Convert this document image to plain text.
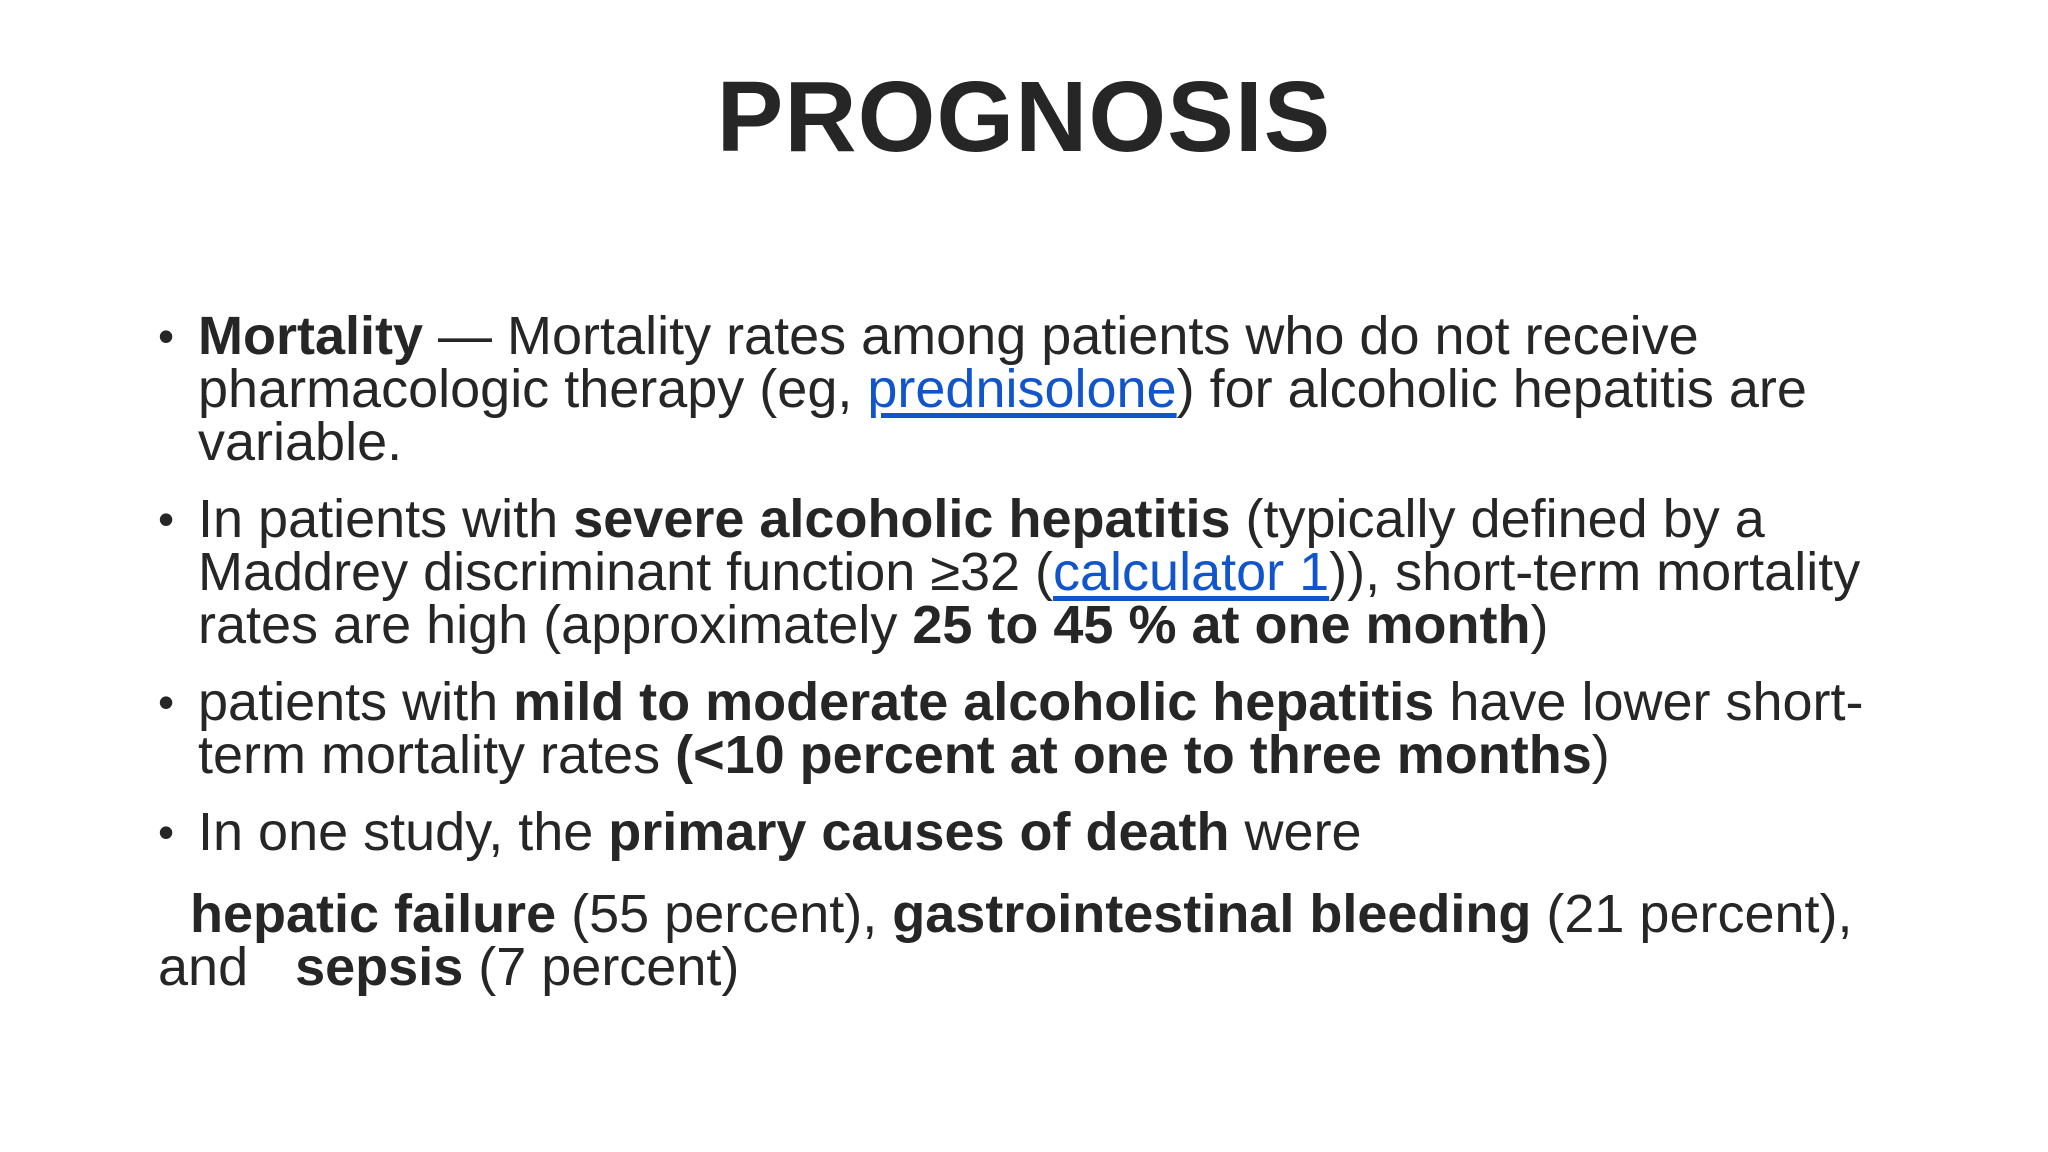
PROGNOSIS
• Mortality — Mortality rates among patients who do not receive pharmacologic therapy (eg, prednisolone) for alcoholic hepatitis are variable.
• In patients with severe alcoholic hepatitis (typically defined by a Maddrey discriminant function ≥32 (calculator 1)), short-term mortality rates are high (approximately 25 to 45 % at one month)
• patients with mild to moderate alcoholic hepatitis have lower short-term mortality rates (<10 percent at one to three months)
• In one study, the primary causes of death were

hepatic failure (55 percent), gastrointestinal bleeding (21 percent), and sepsis (7 percent)
